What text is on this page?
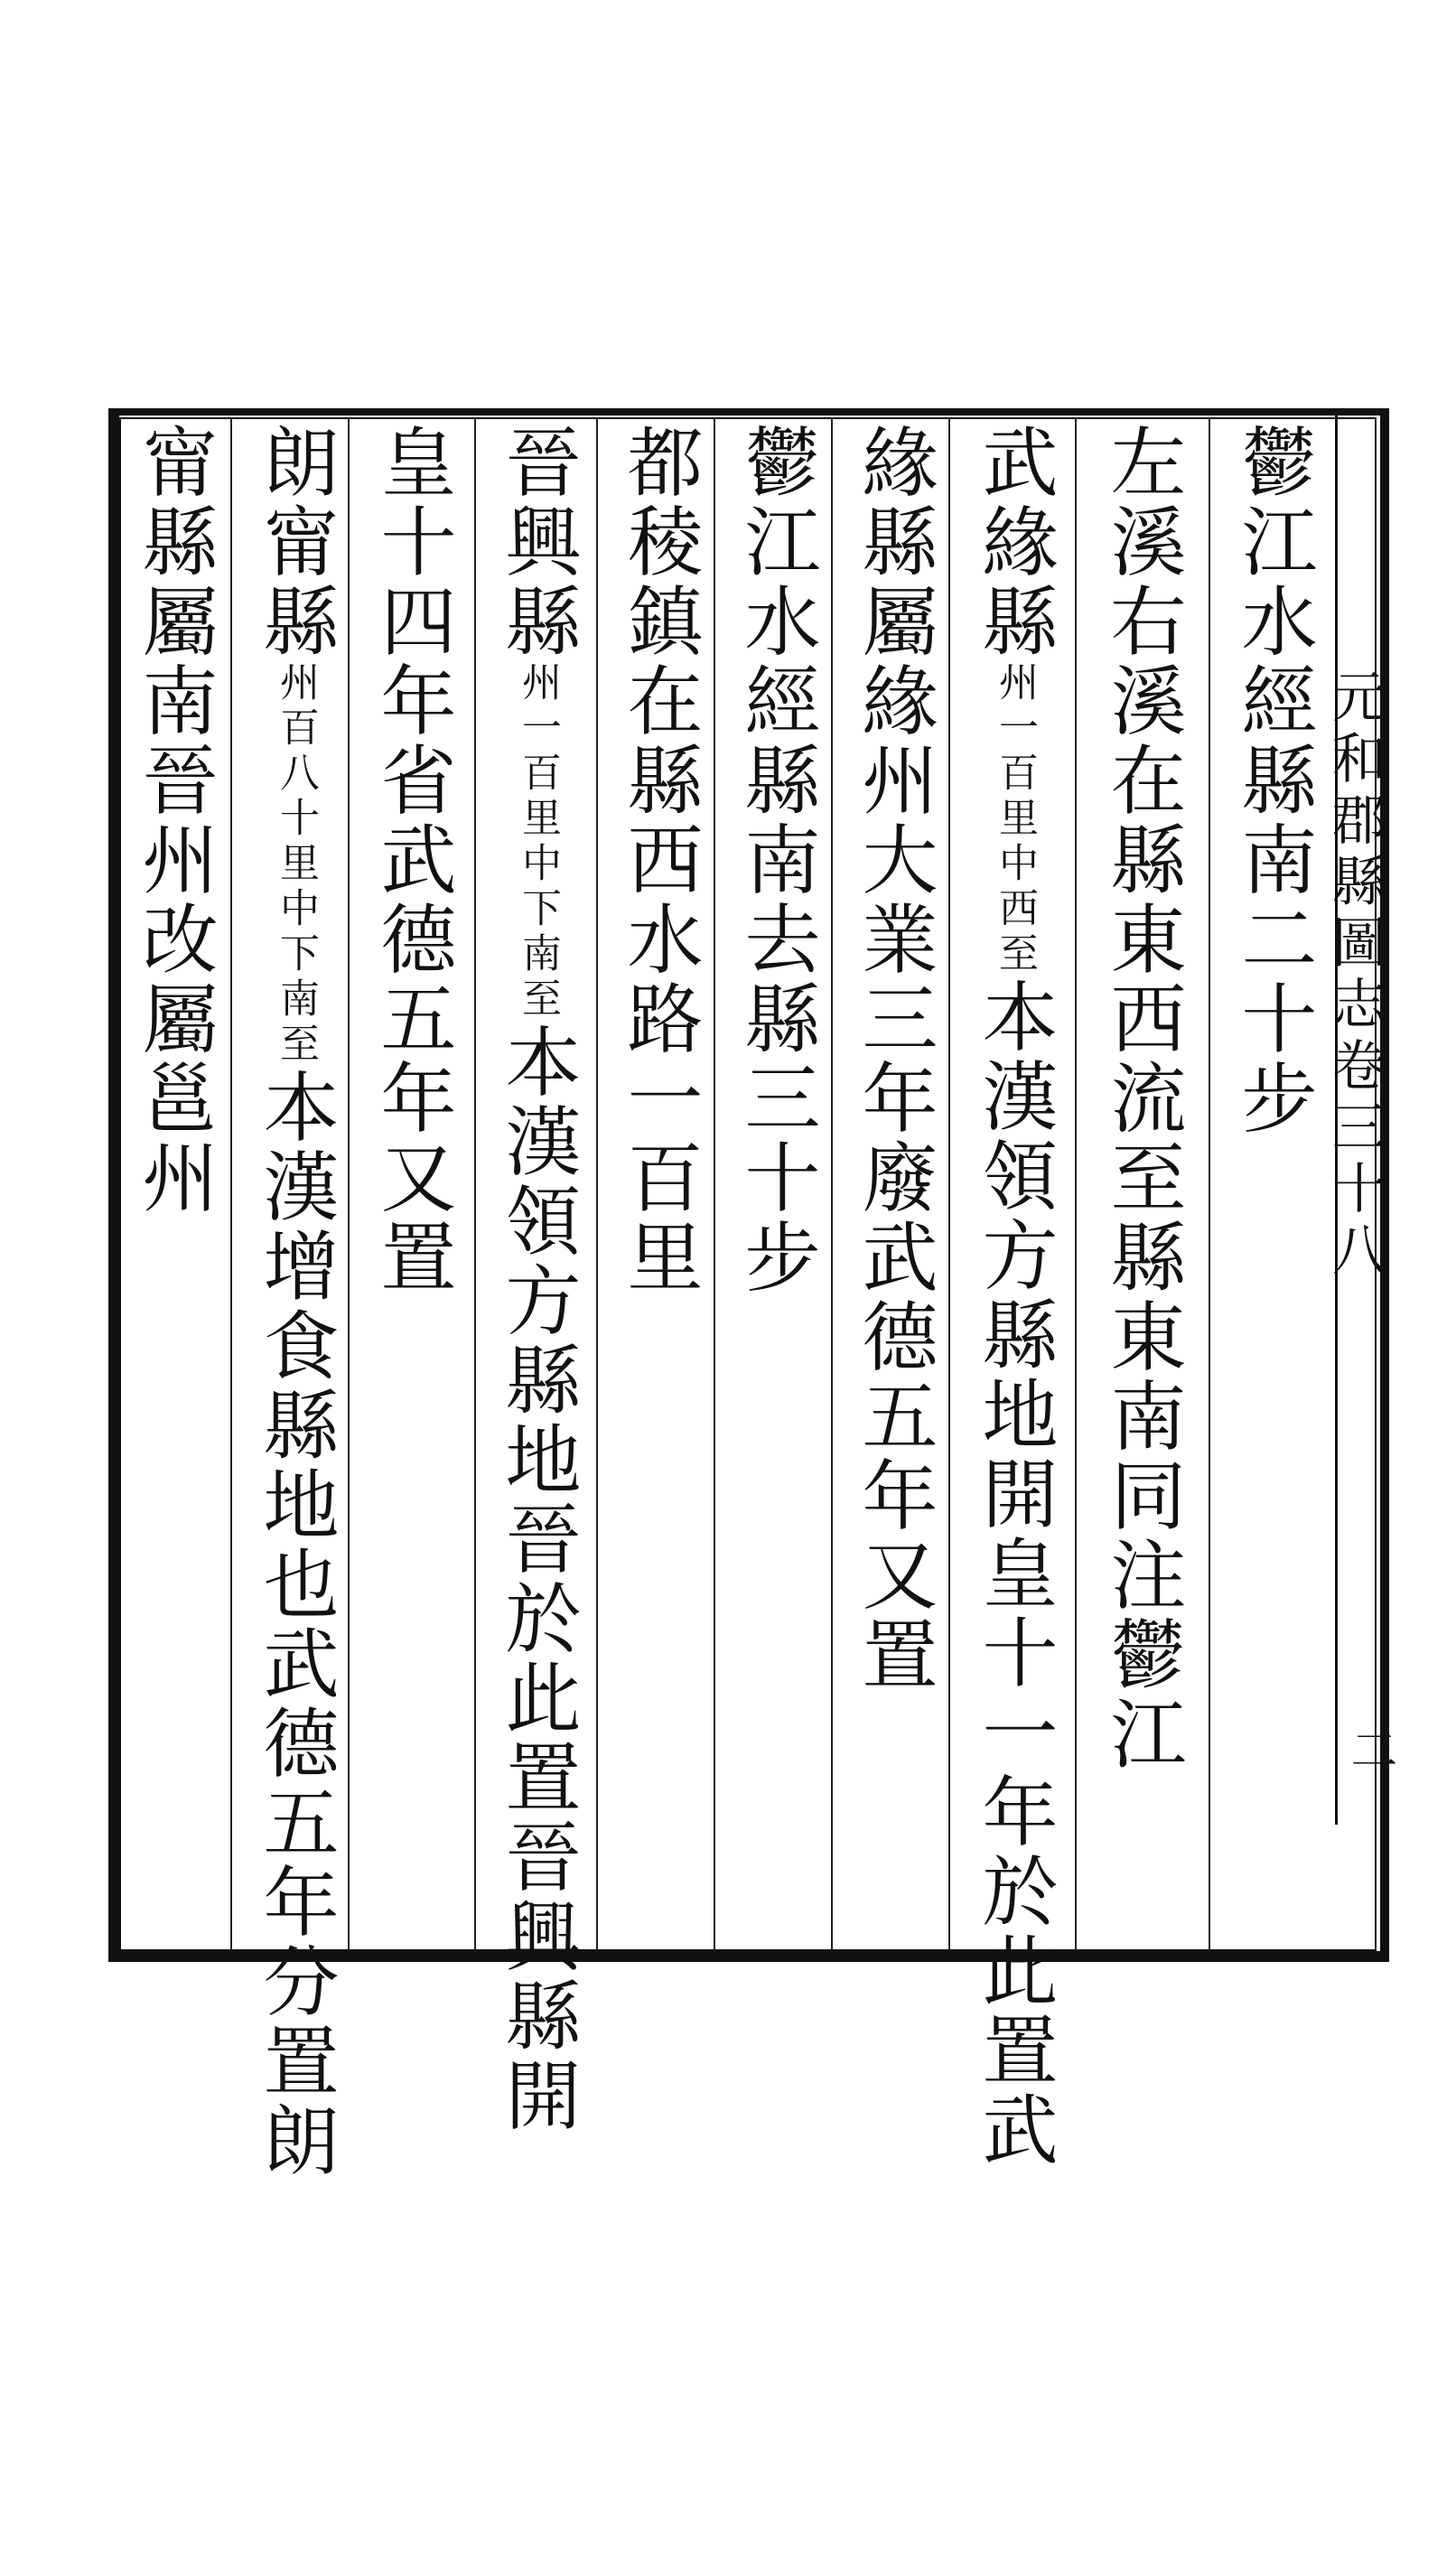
元和郡縣圖志卷三十八
二
鬱江水經縣南二十步
左溪右溪在縣東西流至縣東南同注鬱江
武緣縣
中西至
州一百里
本漢領方縣地開皇十一年於此置武
緣縣屬緣州大業三年廢武德五年又置
鬱江水經縣南去縣三十步
都稜鎮在縣西水路一百里
晉興縣
中下南至
州一百里
本漢領方縣地晉於此置晉興縣開
皇十四年省武德五年又置
朗甯縣
中下南至
州百八十里
本漢增食縣地也武德五年分置朗
甯縣屬南晉州改屬邕州
